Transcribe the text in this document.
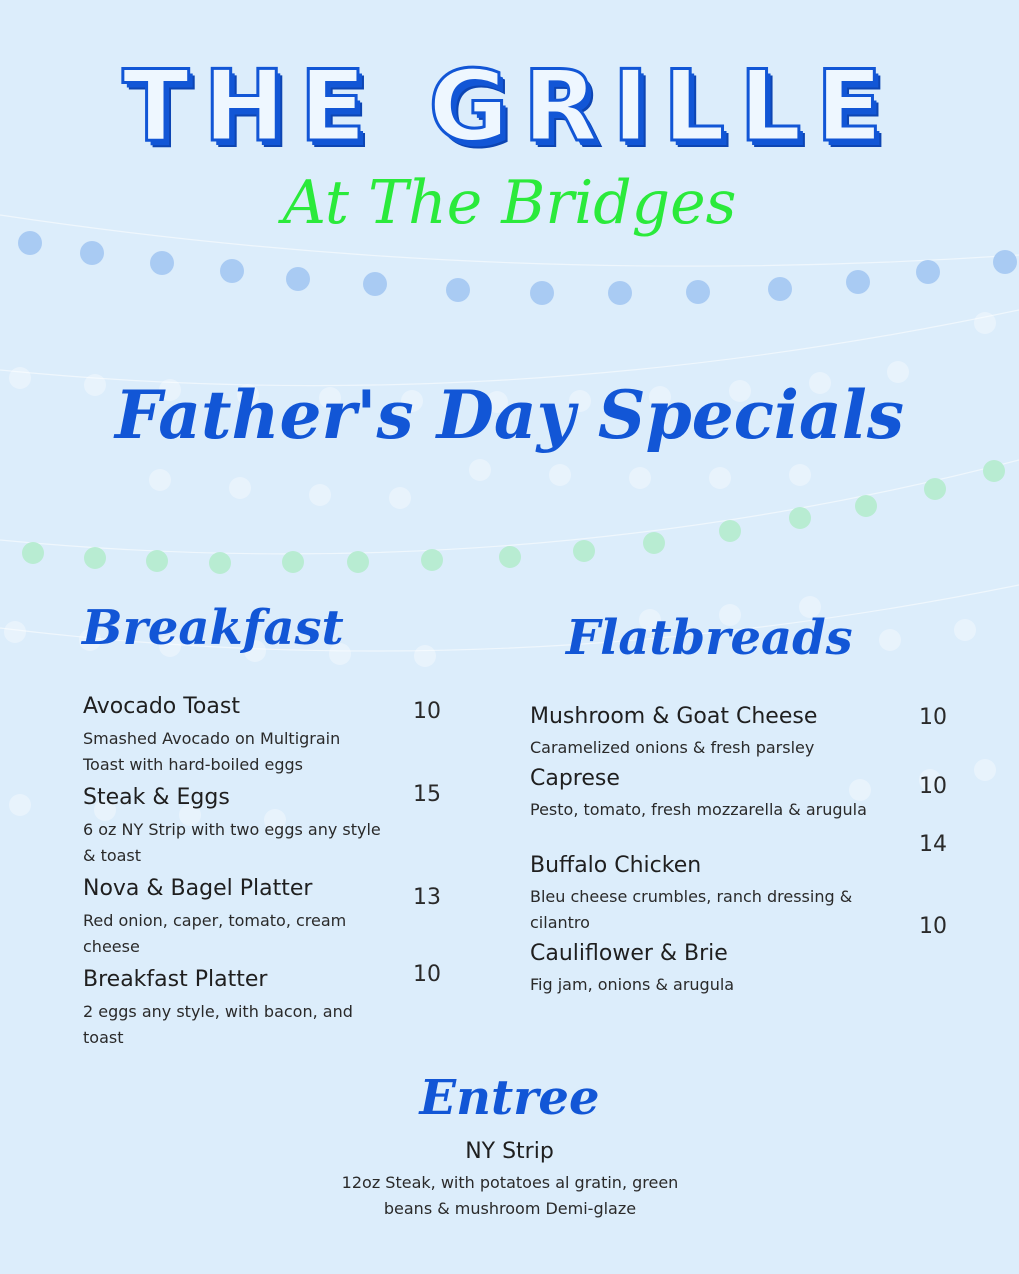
THE GRILLE
At The Bridges
Father's Day Specials
Breakfast
Avocado Toast	10
Smashed Avocado on Multigrain Toast with hard-boiled eggs
Steak & Eggs	15
6 oz NY Strip with two eggs any style & toast
Nova & Bagel Platter	13
Red onion, caper, tomato, cream cheese
Breakfast Platter	10
2 eggs any style, with bacon, and toast
Flatbreads
Mushroom & Goat Cheese	10
Caramelized onions & fresh parsley
Caprese	10
Pesto, tomato, fresh mozzarella & arugula
Buffalo Chicken
14
Bleu cheese crumbles, ranch dressing & cilantro
Cauliflower & Brie
10
Fig jam, onions & arugula
Entree
NY Strip
12oz Steak, with potatoes al gratin, green beans & mushroom Demi-glaze
